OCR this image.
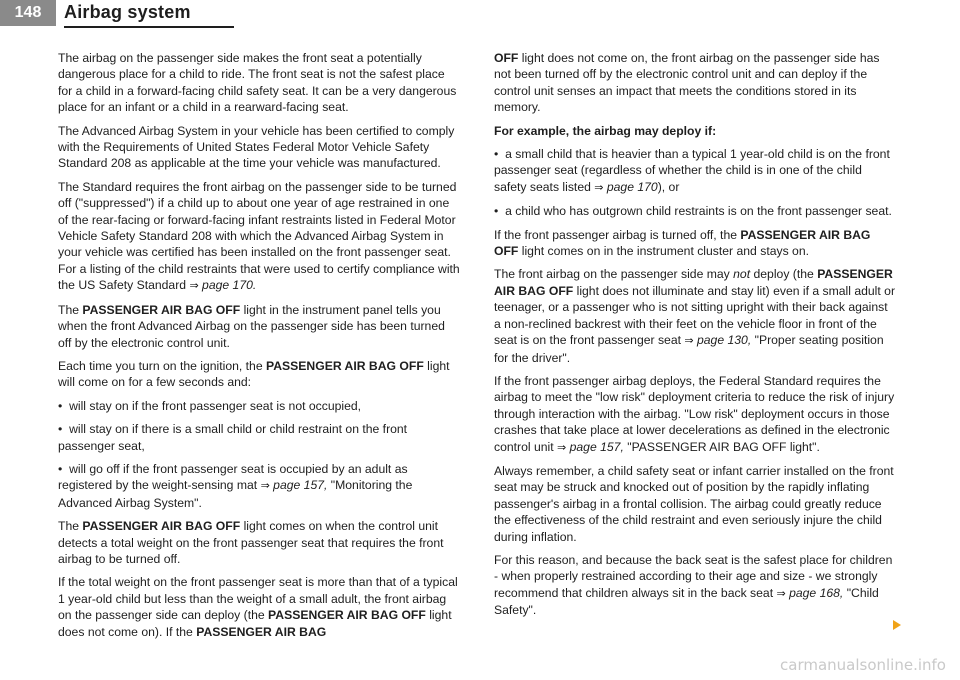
148	Airbag system

The airbag on the passenger side makes the front seat a potentially dangerous place for a child to ride. The front seat is not the safest place for a child in a forward-facing child safety seat. It can be a very dangerous place for an infant or a child in a rearward-facing seat.

The Advanced Airbag System in your vehicle has been certified to comply with the Requirements of United States Federal Motor Vehicle Safety Standard 208 as applicable at the time your vehicle was manufactured.

The Standard requires the front airbag on the passenger side to be turned off ("suppressed") if a child up to about one year of age restrained in one of the rear-facing or forward-facing infant restraints listed in Federal Motor Vehicle Safety Standard 208 with which the Advanced Airbag System in your vehicle was certified has been installed on the front passenger seat. For a listing of the child restraints that were used to certify compliance with the US Safety Standard ⇒ page 170.

The PASSENGER AIR BAG OFF light in the instrument panel tells you when the front Advanced Airbag on the passenger side has been turned off by the electronic control unit.

Each time you turn on the ignition, the PASSENGER AIR BAG OFF light will come on for a few seconds and:

• will stay on if the front passenger seat is not occupied,

• will stay on if there is a small child or child restraint on the front passenger seat,

• will go off if the front passenger seat is occupied by an adult as registered by the weight-sensing mat ⇒ page 157, "Monitoring the Advanced Airbag System".

The PASSENGER AIR BAG OFF light comes on when the control unit detects a total weight on the front passenger seat that requires the front airbag to be turned off.

If the total weight on the front passenger seat is more than that of a typical 1 year-old child but less than the weight of a small adult, the front airbag on the passenger side can deploy (the PASSENGER AIR BAG OFF light does not come on). If the PASSENGER AIR BAG

OFF light does not come on, the front airbag on the passenger side has not been turned off by the electronic control unit and can deploy if the control unit senses an impact that meets the conditions stored in its memory.

For example, the airbag may deploy if:

• a small child that is heavier than a typical 1 year-old child is on the front passenger seat (regardless of whether the child is in one of the child safety seats listed ⇒ page 170), or

• a child who has outgrown child restraints is on the front passenger seat.

If the front passenger airbag is turned off, the PASSENGER AIR BAG OFF light comes on in the instrument cluster and stays on.

The front airbag on the passenger side may not deploy (the PASSENGER AIR BAG OFF light does not illuminate and stay lit) even if a small adult or teenager, or a passenger who is not sitting upright with their back against a non-reclined backrest with their feet on the vehicle floor in front of the seat is on the front passenger seat ⇒ page 130, "Proper seating position for the driver".

If the front passenger airbag deploys, the Federal Standard requires the airbag to meet the "low risk" deployment criteria to reduce the risk of injury through interaction with the airbag. "Low risk" deployment occurs in those crashes that take place at lower decelerations as defined in the electronic control unit ⇒ page 157, "PASSENGER AIR BAG OFF light".

Always remember, a child safety seat or infant carrier installed on the front seat may be struck and knocked out of position by the rapidly inflating passenger's airbag in a frontal collision. The airbag could greatly reduce the effectiveness of the child restraint and even seriously injure the child during inflation.

For this reason, and because the back seat is the safest place for children - when properly restrained according to their age and size - we strongly recommend that children always sit in the back seat ⇒ page 168, "Child Safety".

carmanualsonline.info
